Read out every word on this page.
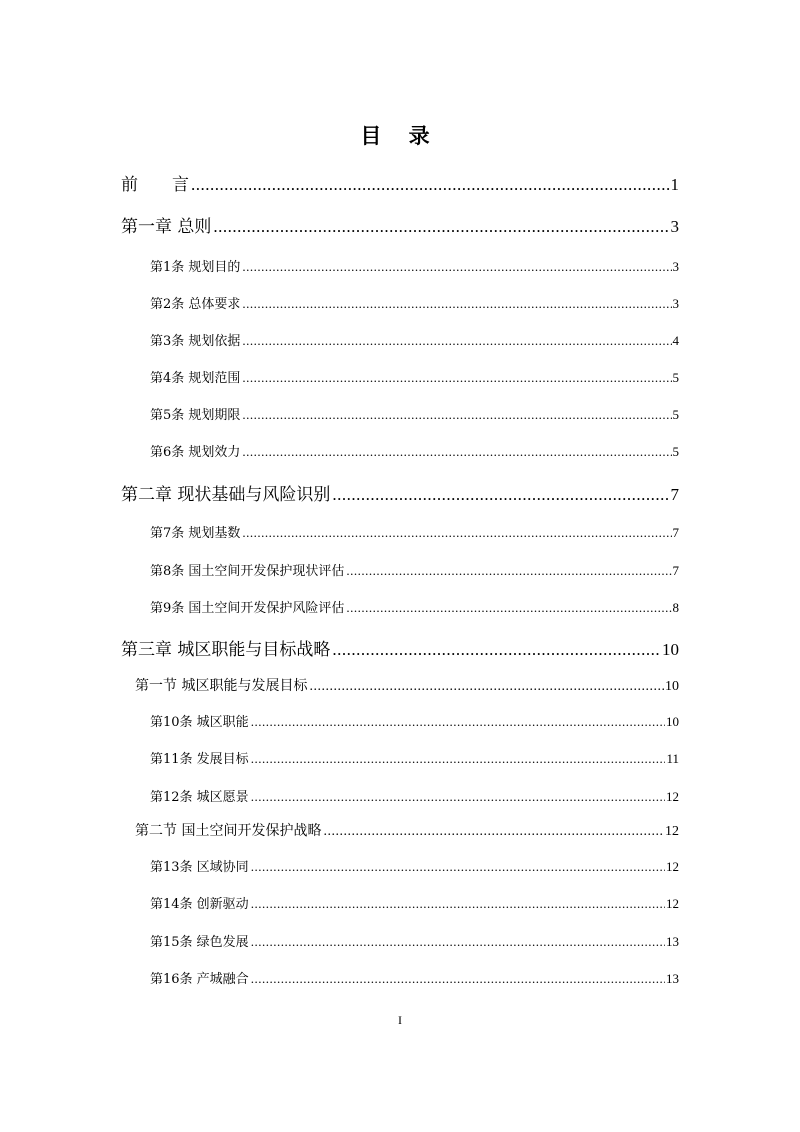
目 录
前　　言 .....	1
第一章 总则 .....	3
第1条 规划目的 .....	3
第2条 总体要求 .....	3
第3条 规划依据 .....	4
第4条 规划范围 .....	5
第5条 规划期限 .....	5
第6条 规划效力 .....	5
第二章 现状基础与风险识别 .....	7
第7条 规划基数 .....	7
第8条 国土空间开发保护现状评估 .....	7
第9条 国土空间开发保护风险评估 .....	8
第三章 城区职能与目标战略 .....	10
第一节 城区职能与发展目标 .....	10
第10条 城区职能 .....	10
第11条 发展目标 .....	11
第12条 城区愿景 .....	12
第二节 国土空间开发保护战略 .....	12
第13条 区域协同 .....	12
第14条 创新驱动 .....	12
第15条 绿色发展 .....	13
第16条 产城融合 .....	13
I
